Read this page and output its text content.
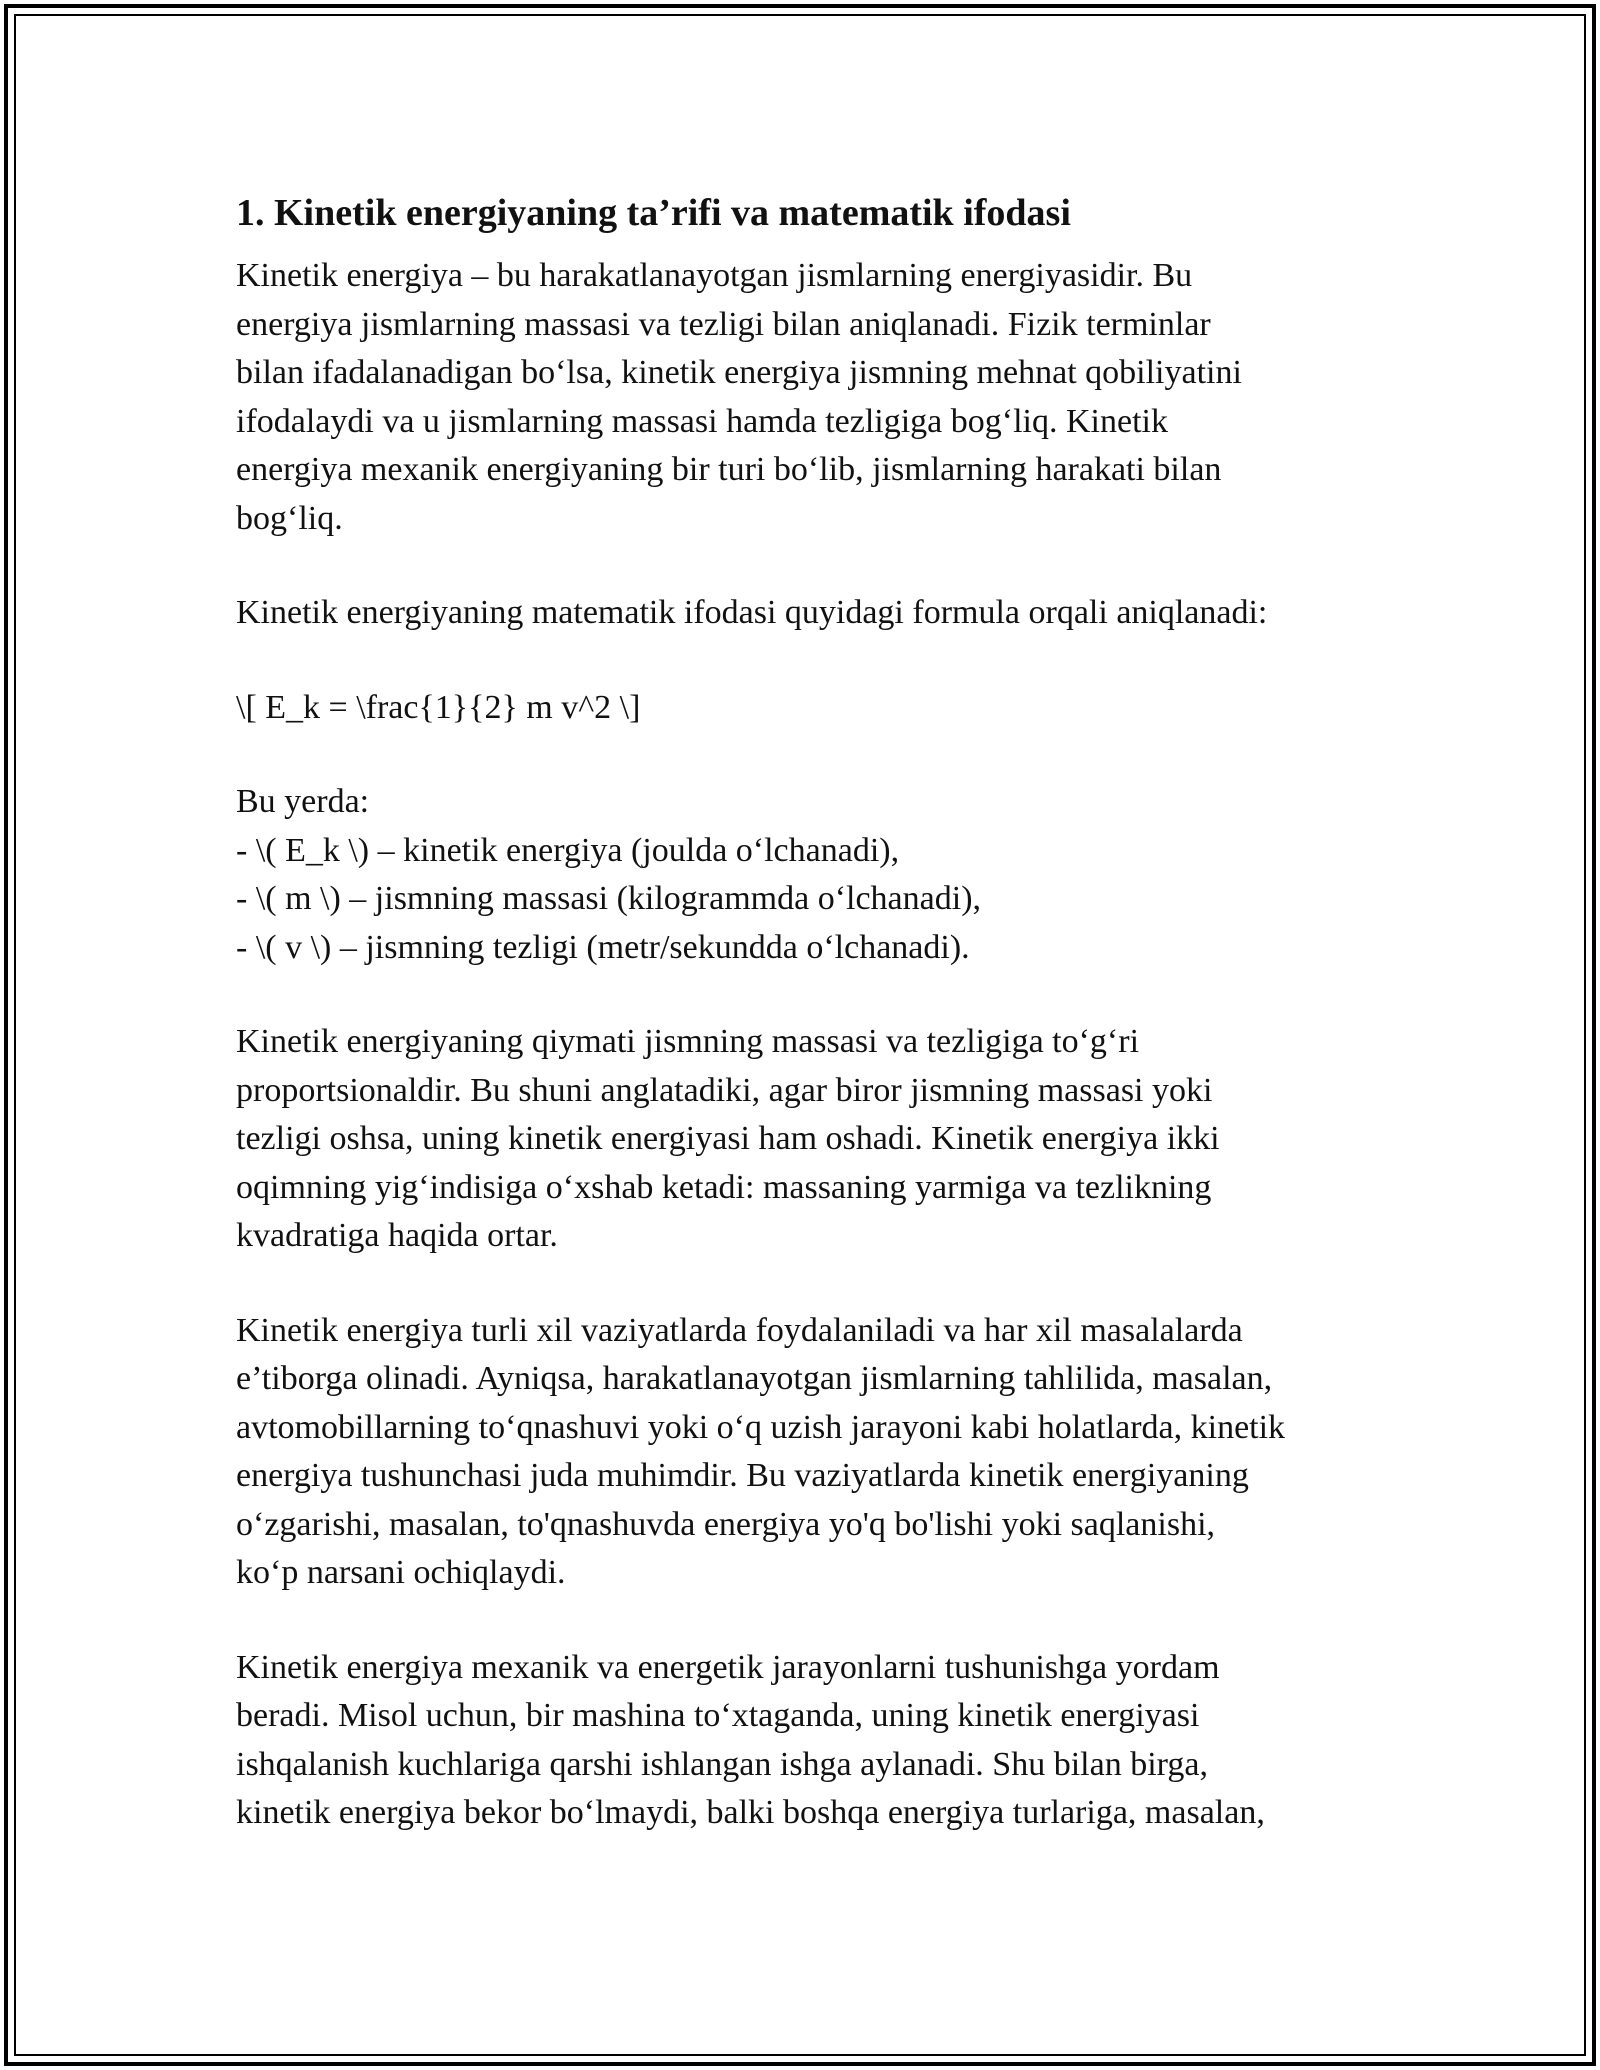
1. Kinetik energiyaning ta’rifi va matematik ifodasi

Kinetik energiya – bu harakatlanayotgan jismlarning energiyasidir. Bu
energiya jismlarning massasi va tezligi bilan aniqlanadi. Fizik terminlar
bilan ifadalanadigan bo‘lsa, kinetik energiya jismning mehnat qobiliyatini
ifodalaydi va u jismlarning massasi hamda tezligiga bog‘liq. Kinetik
energiya mexanik energiyaning bir turi bo‘lib, jismlarning harakati bilan
bog‘liq.

Kinetik energiyaning matematik ifodasi quyidagi formula orqali aniqlanadi:

\[ E_k = \frac{1}{2} m v^2 \]

Bu yerda:
- \( E_k \) – kinetik energiya (joulda o‘lchanadi),
- \( m \) – jismning massasi (kilogrammda o‘lchanadi),
- \( v \) – jismning tezligi (metr/sekundda o‘lchanadi).

Kinetik energiyaning qiymati jismning massasi va tezligiga to‘g‘ri
proportsionaldir. Bu shuni anglatadiki, agar biror jismning massasi yoki
tezligi oshsa, uning kinetik energiyasi ham oshadi. Kinetik energiya ikki
oqimning yig‘indisiga o‘xshab ketadi: massaning yarmiga va tezlikning
kvadratiga haqida ortar.

Kinetik energiya turli xil vaziyatlarda foydalaniladi va har xil masalalarda
e’tiborga olinadi. Ayniqsa, harakatlanayotgan jismlarning tahlilida, masalan,
avtomobillarning to‘qnashuvi yoki o‘q uzish jarayoni kabi holatlarda, kinetik
energiya tushunchasi juda muhimdir. Bu vaziyatlarda kinetik energiyaning
o‘zgarishi, masalan, to'qnashuvda energiya yo'q bo'lishi yoki saqlanishi,
ko‘p narsani ochiqlaydi.

Kinetik energiya mexanik va energetik jarayonlarni tushunishga yordam
beradi. Misol uchun, bir mashina to‘xtaganda, uning kinetik energiyasi
ishqalanish kuchlariga qarshi ishlangan ishga aylanadi. Shu bilan birga,
kinetik energiya bekor bo‘lmaydi, balki boshqa energiya turlariga, masalan,
